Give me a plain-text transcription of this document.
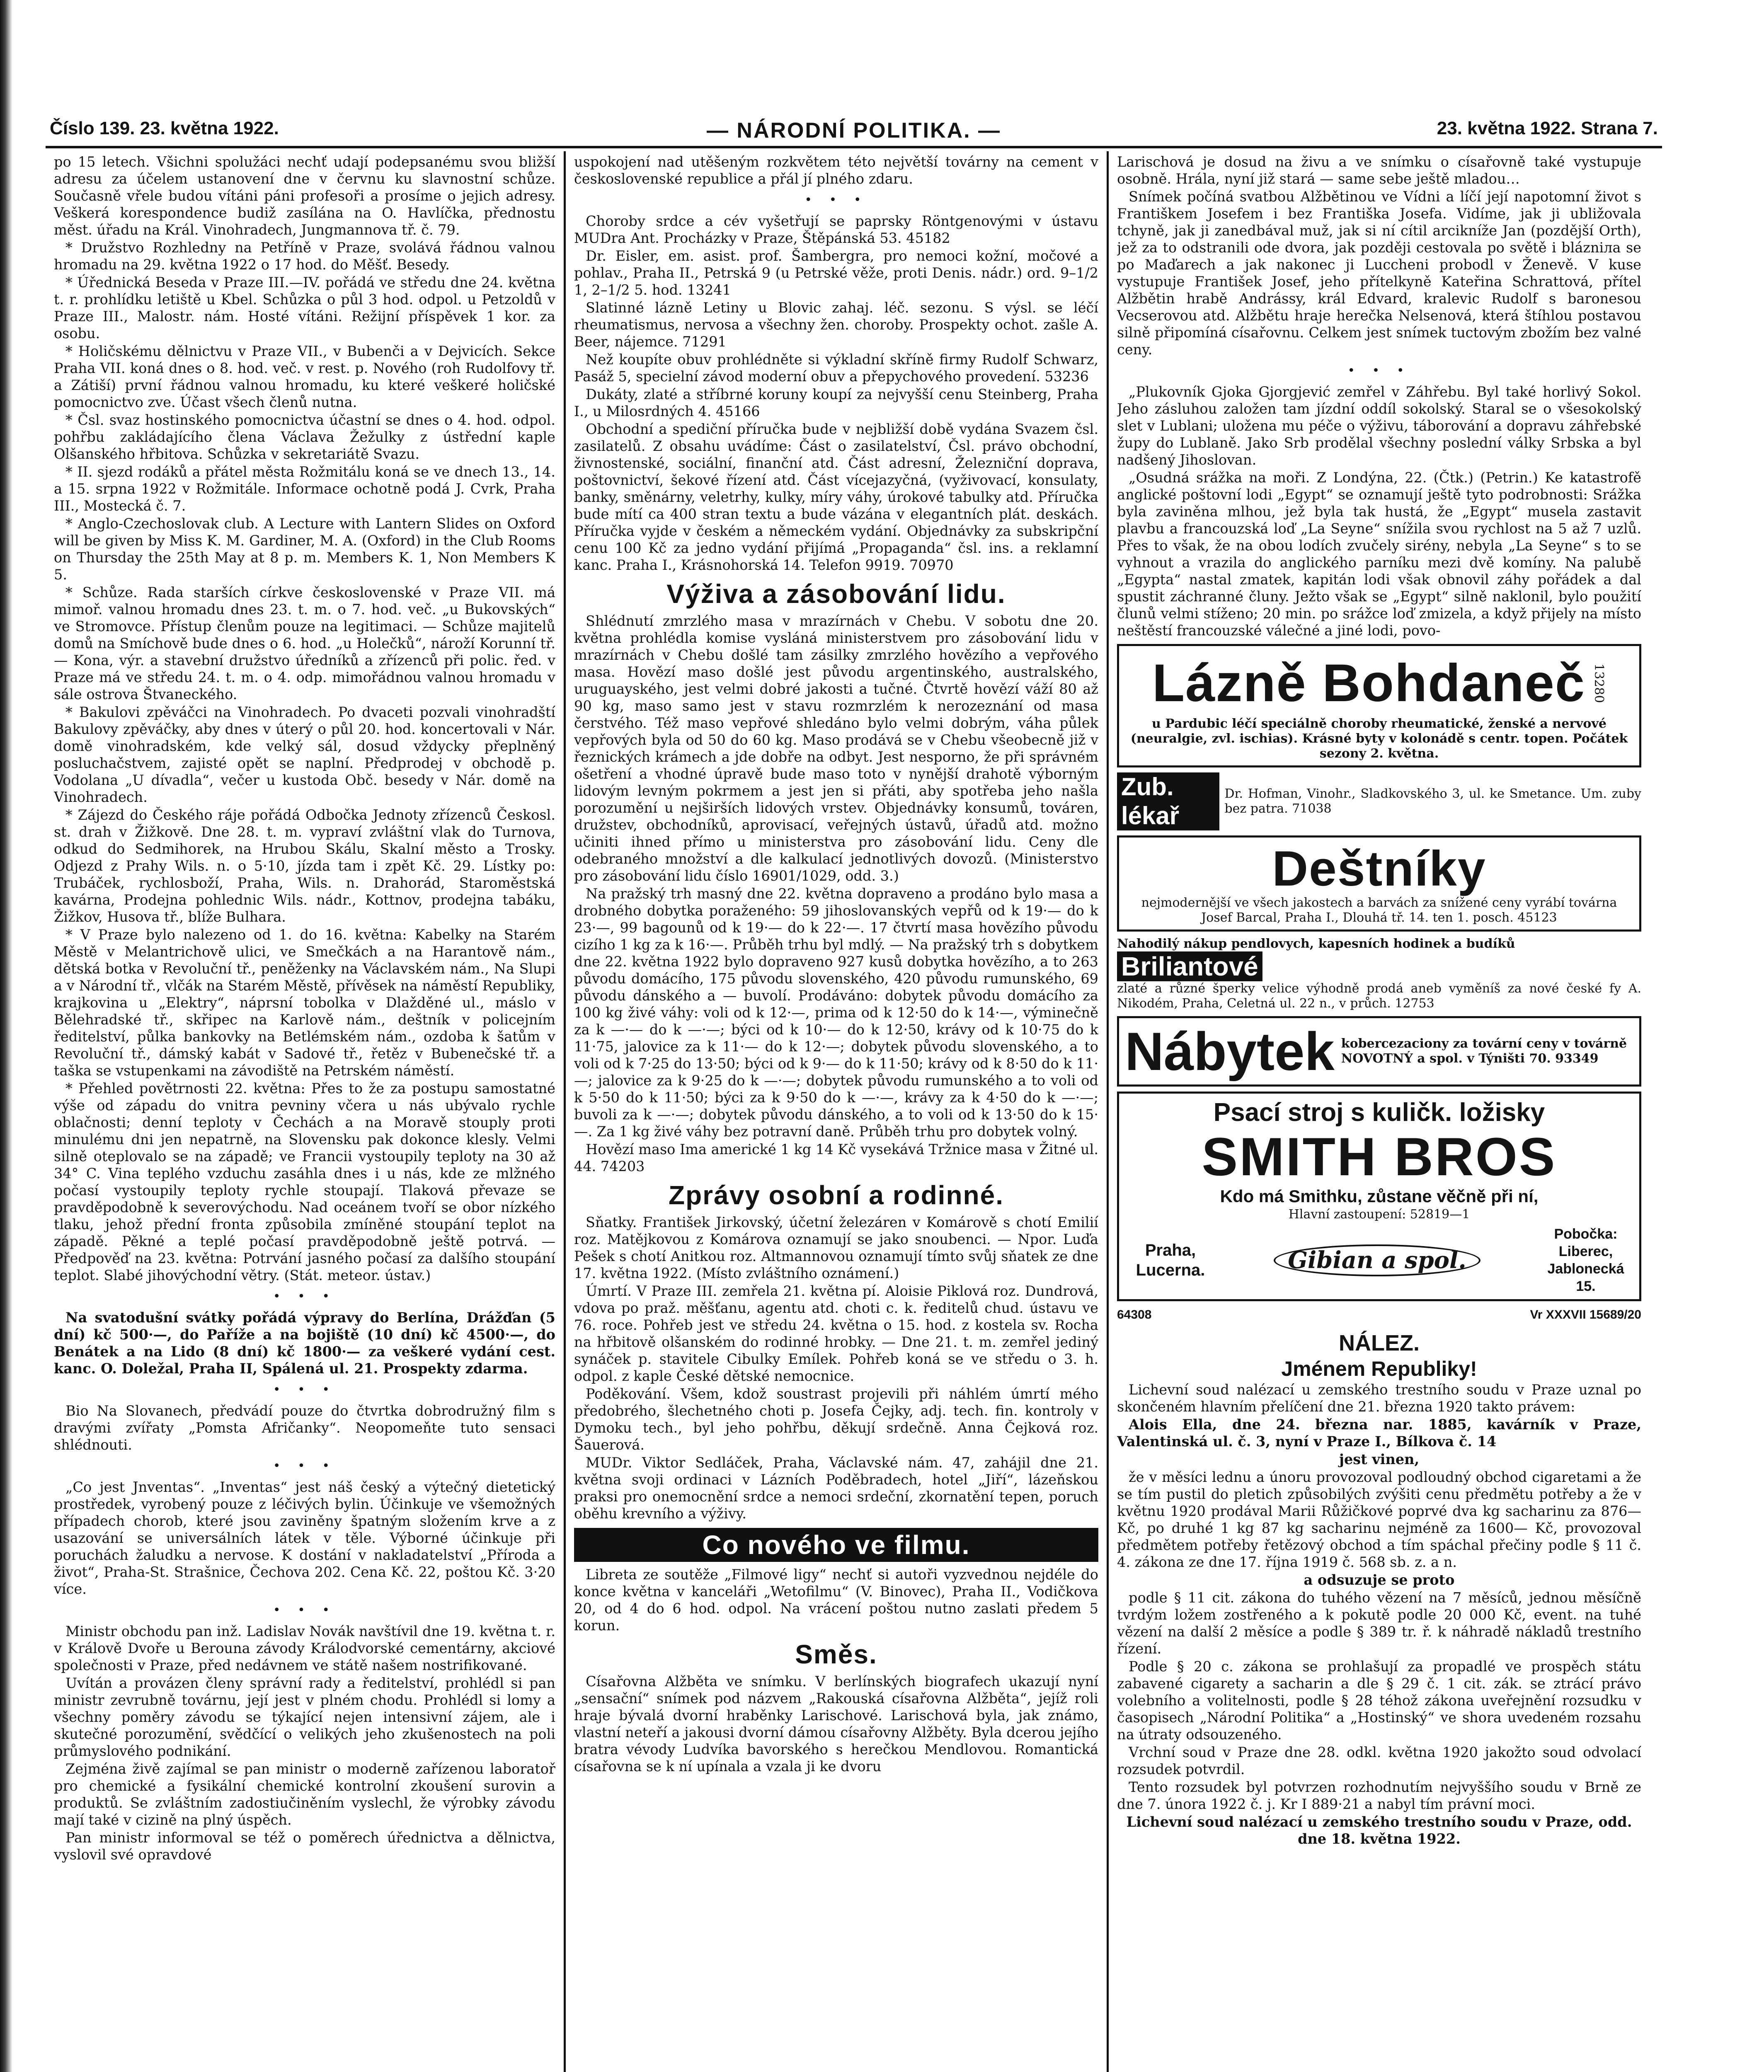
Číslo 139. 23. května 1922.	— NÁRODNÍ POLITIKA. —	23. května 1922. Strana 7.

po 15 letech. Všichni spolužáci nechť udají podepsanému svou bližší adresu za účelem ustanovení dne v červnu ku slavnostní schůze. Současně vřele budou vítáni páni profesoři a prosíme o jejich adresy. Veškerá korespondence budiž zasílána na O. Havlíčka, přednostu měst. úřadu na Král. Vinohradech, Jungmannova tř. č. 79.

* Družstvo Rozhledny na Petříně v Praze, svolává řádnou valnou hromadu na 29. května 1922 o 17 hod. do Měšť. Besedy.

* Úřednická Beseda v Praze III.—IV. pořádá ve středu dne 24. května t. r. prohlídku letiště u Kbel. Schůzka o půl 3 hod. odpol. u Petzoldů v Praze III., Malostr. nám. Hosté vítáni. Režijní příspěvek 1 kor. za osobu.

* Holičskému dělnictvu v Praze VII., v Bubenči a v Dejvicích. Sekce Praha VII. koná dnes o 8. hod. več. v rest. p. Nového (roh Rudolfovy tř. a Zátiší) první řádnou valnou hromadu, ku které veškeré holičské pomocnictvo zve. Účast všech členů nutna.

* Čsl. svaz hostinského pomocnictva účastní se dnes o 4. hod. odpol. pohřbu zakládajícího člena Václava Žežulky z ústřední kaple Olšanského hřbitova. Schůzka v sekretariátě Svazu.

* II. sjezd rodáků a přátel města Rožmitálu koná se ve dnech 13., 14. a 15. srpna 1922 v Rožmitále. Informace ochotně podá J. Cvrk, Praha III., Mostecká č. 7.

* Anglo-Czechoslovak club. A Lecture with Lantern Slides on Oxford will be given by Miss K. M. Gardiner, M. A. (Oxford) in the Club Rooms on Thursday the 25th May at 8 p. m. Members K. 1, Non Members K 5.

* Schůze. Rada starších církve československé v Praze VII. má mimoř. valnou hromadu dnes 23. t. m. o 7. hod. več. „u Bukovských“ ve Stromovce. Přístup členům pouze na legitimaci. — Schůze majitelů domů na Smíchově bude dnes o 6. hod. „u Holečků“, nároží Korunní tř. — Kona, výr. a stavební družstvo úředníků a zřízenců při polic. řed. v Praze má ve středu 24. t. m. o 4. odp. mimořádnou valnou hromadu v sále ostrova Štvaneckého.

* Bakulovi zpěváčci na Vinohradech. Po dvaceti pozvali vinohradští Bakulovy zpěváčky, aby dnes v úterý o půl 20. hod. koncertovali v Nár. domě vinohradském, kde velký sál, dosud vždycky přeplněný posluchačstvem, zajisté opět se naplní. Předprodej v obchodě p. Vodolana „U dívadla“, večer u kustoda Obč. besedy v Nár. domě na Vinohradech.

* Zájezd do Českého ráje pořádá Odbočka Jednoty zřízenců Českosl. st. drah v Žižkově. Dne 28. t. m. vypraví zvláštní vlak do Turnova, odkud do Sedmihorek, na Hrubou Skálu, Skalní město a Trosky. Odjezd z Prahy Wils. n. o 5·10, jízda tam i zpět Kč. 29. Lístky po: Trubáček, rychlosboží, Praha, Wils. n. Drahorád, Staroměstská kavárna, Prodejna pohlednic Wils. nádr., Kottnov, prodejna tabáku, Žižkov, Husova tř., blíže Bulhara.

* V Praze bylo nalezeno od 1. do 16. května: Kabelky na Starém Městě v Melantrichově ulici, ve Smečkách a na Harantově nám., dětská botka v Revoluční tř., peněženky na Václavském nám., Na Slupi a v Národní tř., vlčák na Starém Městě, přívěsek na náměstí Republiky, krajkovina u „Elektry“, náprsní tobolka v Dlažděné ul., máslo v Bělehradské tř., skřipec na Karlově nám., deštník v policejním ředitelství, půlka bankovky na Betlémském nám., ozdoba k šatům v Revoluční tř., dámský kabát v Sadové tř., řetěz v Bubenečské tř. a taška se vstupenkami na závodiště na Petrském náměstí.

* Přehled povětrnosti 22. května: Přes to že za postupu samostatné výše od západu do vnitra pevniny včera u nás ubývalo rychle oblačnosti; denní teploty v Čechách a na Moravě stouply proti minulému dni jen nepatrně, na Slovensku pak dokonce klesly. Velmi silně oteplovalo se na západě; ve Francii vystoupily teploty na 30 až 34° C. Vina teplého vzduchu zasáhla dnes i u nás, kde ze mlžného počasí vystoupily teploty rychle stoupají. Tlaková převaze se pravděpodobně k severovýchodu. Nad oceánem tvoří se obor nízkého tlaku, jehož přední fronta způsobila zmíněné stoupání teplot na západě. Pěkné a teplé počasí pravděpodobně ještě potrvá. — Předpověď na 23. května: Potrvání jasného počasí za dalšího stoupání teplot. Slabé jihovýchodní větry. (Stát. meteor. ústav.)

• • •

Na svatodušní svátky pořádá výpravy do Berlína, Drážďan (5 dní) kč 500·—, do Paříže a na bojiště (10 dní) kč 4500·—, do Benátek a na Lido (8 dní) kč 1800·— za veškeré vydání cest. kanc. O. Doležal, Praha II, Spálená ul. 21. Prospekty zdarma.

• • •

Bio Na Slovanech, předvádí pouze do čtvrtka dobrodružný film s dravými zvířaty „Pomsta Afričanky“. Neopomeňte tuto sensaci shlédnouti.

• • •

„Co jest Jnventas“. „Inventas“ jest náš český a výtečný dietetický prostředek, vyrobený pouze z léčivých bylin. Účinkuje ve všemožných případech chorob, které jsou zaviněny špatným složením krve a z usazování se universálních látek v těle. Výborné účinkuje při poruchách žaludku a nervose. K dostání v nakladatelství „Příroda a život“, Praha-St. Strašnice, Čechova 202. Cena Kč. 22, poštou Kč. 3·20 více.

• • •

Ministr obchodu pan inž. Ladislav Novák navštívil dne 19. května t. r. v Králově Dvoře u Berouna závody Králodvorské cementárny, akciové společnosti v Praze, před nedávnem ve státě našem nostrifikované.

Uvítán a provázen členy správní rady a ředitelství, prohlédl si pan ministr zevrubně továrnu, její jest v plném chodu. Prohlédl si lomy a všechny poměry závodu se týkající nejen intensivní zájem, ale i skutečné porozumění, svědčící o velikých jeho zkušenostech na poli průmyslového podnikání.

Zejména živě zajímal se pan ministr o moderně zařízenou laboratoř pro chemické a fysikální chemické kontrolní zkoušení surovin a produktů. Se zvláštním zadostiučiněním vyslechl, že výrobky závodu mají také v cizině na plný úspěch.

Pan ministr informoval se též o poměrech úřednictva a dělnictva, vyslovil své opravdové

uspokojení nad utěšeným rozkvětem této největší továrny na cement v československé republice a přál jí plného zdaru.

• • •

Choroby srdce a cév vyšetřují se paprsky Röntgenovými v ústavu MUDra Ant. Procházky v Praze, Štěpánská 53. 45182

Dr. Eisler, em. asist. prof. Šambergra, pro nemoci kožní, močové a pohlav., Praha II., Petrská 9 (u Petrské věže, proti Denis. nádr.) ord. 9–1/2 1, 2–1/2 5. hod. 13241

Slatinné lázně Letiny u Blovic zahaj. léč. sezonu. S výsl. se léčí rheumatismus, nervosa a všechny žen. choroby. Prospekty ochot. zašle A. Beer, nájemce. 71291

Než koupíte obuv prohlédněte si výkladní skříně firmy Rudolf Schwarz, Pasáž 5, specielní závod moderní obuv a přepychového provedení. 53236

Dukáty, zlaté a stříbrné koruny koupí za nejvyšší cenu Steinberg, Praha I., u Milosrdných 4. 45166

Obchodní a spediční příručka bude v nejbližší době vydána Svazem čsl. zasilatelů. Z obsahu uvádíme: Část o zasilatelství, Čsl. právo obchodní, živnostenské, sociální, finanční atd. Část adresní, Železniční doprava, poštovnictví, šekové řízení atd. Část vícejazyčná, (vyživovací, konsulaty, banky, směnárny, veletrhy, kulky, míry váhy, úrokové tabulky atd. Příručka bude mítí ca 400 stran textu a bude vázána v elegantních plát. deskách. Příručka vyjde v českém a německém vydání. Objednávky za subskripční cenu 100 Kč za jedno vydání přijímá „Propaganda“ čsl. ins. a reklamní kanc. Praha I., Krásnohorská 14. Telefon 9919. 70970

Výživa a zásobování lidu.

Shlédnutí zmrzlého masa v mrazírnách v Chebu. V sobotu dne 20. května prohlédla komise vysláná ministerstvem pro zásobování lidu v mrazírnách v Chebu došlé tam zásilky zmrzlého hovězího a vepřového masa. Hovězí maso došlé jest původu argentinského, australského, uruguayského, jest velmi dobré jakosti a tučné. Čtvrtě hovězí váží 80 až 90 kg, maso samo jest v stavu rozmrzlém k nerozeznání od masa čerstvého. Též maso vepřové shledáno bylo velmi dobrým, váha půlek vepřových byla od 50 do 60 kg. Maso prodává se v Chebu všeobecně již v řeznických krámech a jde dobře na odbyt. Jest nesporno, že při správném ošetření a vhodné úpravě bude maso toto v nynější drahotě výborným lidovým levným pokrmem a jest jen si přáti, aby spotřeba jeho našla porozumění u nejširších lidových vrstev. Objednávky konsumů, továren, družstev, obchodníků, aprovisací, veřejných ústavů, úřadů atd. možno učiniti ihned přímo u ministerstva pro zásobování lidu. Ceny dle odebraného množství a dle kalkulací jednotlivých dovozů. (Ministerstvo pro zásobování lidu číslo 16901/1029, odd. 3.)

Na pražský trh masný dne 22. května dopraveno a prodáno bylo masa a drobného dobytka poraženého: 59 jihoslovanských vepřů od k 19·— do k 23·—, 99 bagounů od k 19·— do k 22·—. 17 čtvrtí masa hovězího původu cizího 1 kg za k 16·—. Průběh trhu byl mdlý. — Na pražský trh s dobytkem dne 22. května 1922 bylo dopraveno 927 kusů dobytka hovězího, a to 263 původu domácího, 175 původu slovenského, 420 původu rumunského, 69 původu dánského a — buvolí. Prodáváno: dobytek původu domácího za 100 kg živé váhy: voli od k 12·—, prima od k 12·50 do k 14·—, výminečně za k —·— do k —·—; býci od k 10·— do k 12·50, krávy od k 10·75 do k 11·75, jalovice za k 11·— do k 12·—; dobytek původu slovenského, a to voli od k 7·25 do 13·50; býci od k 9·— do k 11·50; krávy od k 8·50 do k 11·—; jalovice za k 9·25 do k —·—; dobytek původu rumunského a to voli od k 5·50 do k 11·50; býci za k 9·50 do k —·—, krávy za k 4·50 do k —·—; buvoli za k —·—; dobytek původu dánského, a to voli od k 13·50 do k 15·—. Za 1 kg živé váhy bez potravní daně. Průběh trhu pro dobytek volný.

Hovězí maso Ima americké 1 kg 14 Kč vysekává Tržnice masa v Žitné ul. 44. 74203

Zprávy osobní a rodinné.

Sňatky. František Jirkovský, účetní železáren v Komárově s chotí Emilií roz. Matějkovou z Komárova oznamují se jako snoubenci. — Npor. Luďa Pešek s chotí Anitkou roz. Altmannovou oznamují tímto svůj sňatek ze dne 17. května 1922. (Místo zvláštního oznámení.)

Úmrtí. V Praze III. zemřela 21. května pí. Aloisie Piklová roz. Dundrová, vdova po praž. měšťanu, agentu atd. choti c. k. ředitelů chud. ústavu ve 76. roce. Pohřeb jest ve středu 24. května o 15. hod. z kostela sv. Rocha na hřbitově olšanském do rodinné hrobky. — Dne 21. t. m. zemřel jediný synáček p. stavitele Cibulky Emílek. Pohřeb koná se ve středu o 3. h. odpol. z kaple České dětské nemocnice.

Poděkování. Všem, kdož soustrast projevili při náhlém úmrtí mého předobrého, šlechetného choti p. Josefa Čejky, adj. tech. fin. kontroly v Dymoku tech., byl jeho pohřbu, děkují srdečně. Anna Čejková roz. Šauerová.

MUDr. Viktor Sedláček, Praha, Václavské nám. 47, zahájil dne 21. května svoji ordinaci v Lázních Poděbradech, hotel „Jiří“, lázeňskou praksi pro onemocnění srdce a nemoci srdeční, zkornatění tepen, poruch oběhu krevního a výživy.

Co nového ve filmu.

Libreta ze soutěže „Filmové ligy“ nechť si autoři vyzvednou nejdéle do konce května v kanceláři „Wetofilmu“ (V. Binovec), Praha II., Vodičkova 20, od 4 do 6 hod. odpol. Na vrácení poštou nutno zaslati předem 5 korun.

Směs.

Císařovna Alžběta ve snímku. V berlínských biografech ukazují nyní „sensační“ snímek pod názvem „Rakouská císařovna Alžběta“, jejíž roli hraje bývalá dvorní hraběnky Larischové. Larischová byla, jak známo, vlastní neteří a jakousi dvorní dámou císařovny Alžběty. Byla dcerou jejího bratra vévody Ludvíka bavorského s herečkou Mendlovou. Romantická císařovna se k ní upínala a vzala ji ke dvoru

Larischová je dosud na živu a ve snímku o císařovně také vystupuje osobně. Hrála, nyní již stará — same sebe ještě mladou…

Snímek počíná svatbou Alžbětinou ve Vídni a líčí její napotomní život s Františkem Josefem i bez Františka Josefa. Vidíme, jak ji ubližovala tchyně, jak ji zanedbával muž, jak si ní cítil arcikníže Jan (pozdější Orth), jež za to odstranili ode dvora, jak později cestovala po světě i blázniла se po Maďarech a jak nakonec ji Luccheni probodl v Ženevě. V kuse vystupuje František Josef, jeho přítelkyně Kateřina Schrattová, přítel Alžbětin hrabě Andrássy, král Edvard, kralevic Rudolf s baronesou Vecserovou atd. Alžbětu hraje herečka Nelsenová, která štíhlou postavou silně připomíná císařovnu. Celkem jest snímek tuctovým zbožím bez valné ceny.

• • •

„Plukovník Gjoka Gjorgjević zemřel v Záhřebu. Byl také horlivý Sokol. Jeho zásluhou založen tam jízdní oddíl sokolský. Staral se o všesokolský slet v Lublani; uložena mu péče o výživu, táborování a dopravu záhřebské župy do Lublaně. Jako Srb prodělal všechny poslední války Srbska a byl nadšený Jihoslovan.

„Osudná srážka na moři. Z Londýna, 22. (Čtk.) (Petrin.) Ke katastrofě anglické poštovní lodi „Egypt“ se oznamují ještě tyto podrobnosti: Srážka byla zaviněna mlhou, jež byla tak hustá, že „Egypt“ musela zastavit plavbu a francouzská loď „La Seyne“ snížila svou rychlost na 5 až 7 uzlů. Přes to však, že na obou lodích zvučely sirény, nebyla „La Seyne“ s to se vyhnout a vrazila do anglického parníku mezi dvě komíny. Na palubě „Egypta“ nastal zmatek, kapitán lodi však obnovil záhy pořádek a dal spustit záchranné čluny. Ježto však se „Egypt“ silně naklonil, bylo použití člunů velmi stíženo; 20 min. po srážce loď zmizela, a když přijely na místo neštěstí francouzské válečné a jiné lodi, povo-

Lázně Bohdaneč 13280
u Pardubic léčí speciálně choroby rheumatické, ženské a nervové (neuralgie, zvl. ischias). Krásné byty v kolonádě s centr. topen. Počátek sezony 2. května.
Zub. lékař
Dr. Hofman, Vinohr., Sladkovského 3, ul. ke Smetance. Um. zuby bez patra. 71038
Deštníky
nejmodernější ve všech jakostech a barvách za snížené ceny vyrábí továrna Josef Barcal, Praha I., Dlouhá tř. 14. ten 1. posch. 45123
Nahodilý nákup pendlovych, kapesních hodinek a budíků
Briliantové
zlaté a různé šperky velice výhodně prodá aneb vyměníš za nové české fy A. Nikodém, Praha, Celetná ul. 22 n., v průch. 12753
Nábytek kobercezaciony za tovární ceny v továrně NOVOTNÝ a spol. v Týništi 70. 93349
Psací stroj s kuličk. ložisky
SMITH BROS
Kdo má Smithku, zůstane věčně při ní,
Hlavní zastoupení: 52819—1
Praha, Lucerna.	Gibian a spol.
Pobočka: Liberec, Jablonecká 15.
64308	Vr XXXVII 15689/20
NÁLEZ.
Jménem Republiky!

Lichevní soud nalézací u zemského trestního soudu v Praze uznal po skončeném hlavním přelíčení dne 21. března 1920 takto právem:

Alois Ella, dne 24. března nar. 1885, kavárník v Praze, Valentinská ul. č. 3, nyní v Praze I., Bílkova č. 14

jest vinen,

že v měsíci lednu a únoru provozoval podloudný obchod cigaretami a že se tím pustil do pletich způsobilých zvýšiti cenu předmětu potřeby a že v květnu 1920 prodával Marii Růžičkové poprvé dva kg sacharinu za 876— Kč, po druhé 1 kg 87 kg sacharinu nejméně za 1600— Kč, provozoval předmětem potřeby řetězový obchod a tím spáchal přečiny podle § 11 č. 4. zákona ze dne 17. října 1919 č. 568 sb. z. a n.

a odsuzuje se proto

podle § 11 cit. zákona do tuhého vězení na 7 měsíců, jednou měsíčně tvrdým ložem zostřeného a k pokutě podle 20 000 Kč, event. na tuhé vězení na další 2 měsíce a podle § 389 tr. ř. k náhradě nákladů trestního řízení.

Podle § 20 c. zákona se prohlašují za propadlé ve prospěch státu zabavené cigarety a sacharin a dle § 29 č. 1 cit. zák. se ztrácí právo volebního a volitelnosti, podle § 28 téhož zákona uveřejnění rozsudku v časopisech „Národní Politika“ a „Hostinský“ ve shora uvedeném rozsahu na útraty odsouzeného.

Vrchní soud v Praze dne 28. odkl. května 1920 jakožto soud odvolací rozsudek potvrdil.

Tento rozsudek byl potvrzen rozhodnutím nejvyššího soudu v Brně ze dne 7. února 1922 č. j. Kr I 889·21 a nabyl tím právní moci.

Lichevní soud nalézací u zemského trestního soudu v Praze, odd. dne 18. května 1922.
